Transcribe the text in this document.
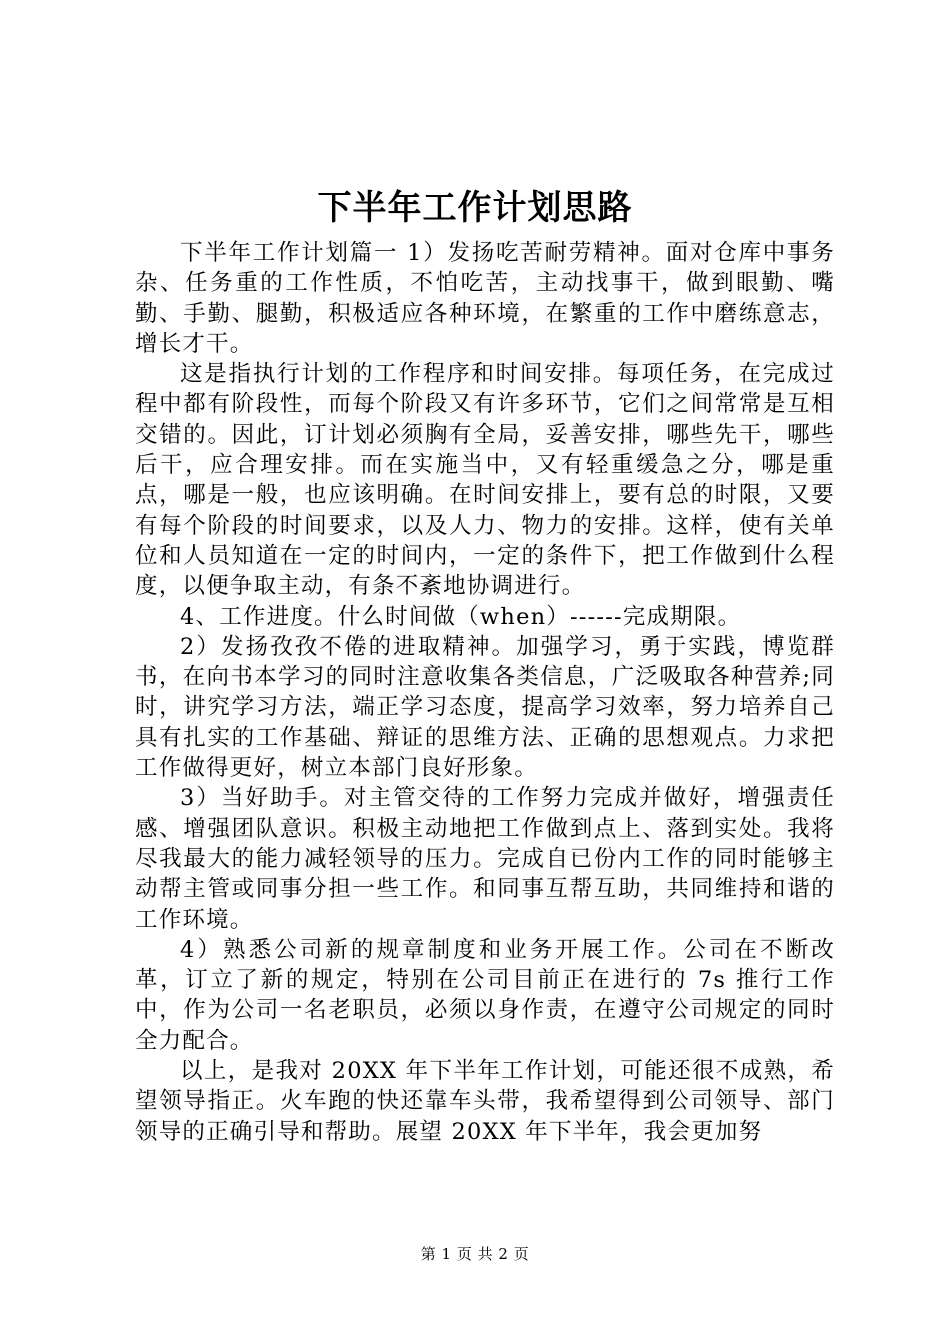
下半年工作计划思路

下半年工作计划篇一 1）发扬吃苦耐劳精神。面对仓库中事务杂、任务重的工作性质，不怕吃苦，主动找事干，做到眼勤、嘴勤、手勤、腿勤，积极适应各种环境，在繁重的工作中磨练意志，增长才干。

这是指执行计划的工作程序和时间安排。每项任务，在完成过程中都有阶段性，而每个阶段又有许多环节，它们之间常常是互相交错的。因此，订计划必须胸有全局，妥善安排，哪些先干，哪些后干，应合理安排。而在实施当中，又有轻重缓急之分，哪是重点，哪是一般，也应该明确。在时间安排上，要有总的时限，又要有每个阶段的时间要求，以及人力、物力的安排。这样，使有关单位和人员知道在一定的时间内，一定的条件下，把工作做到什么程度，以便争取主动，有条不紊地协调进行。

4、工作进度。什么时间做（when）------完成期限。

2）发扬孜孜不倦的进取精神。加强学习，勇于实践，博览群书，在向书本学习的同时注意收集各类信息，广泛吸取各种营养;同时，讲究学习方法，端正学习态度，提高学习效率，努力培养自己具有扎实的工作基础、辩证的思维方法、正确的思想观点。力求把工作做得更好，树立本部门良好形象。

3）当好助手。对主管交待的工作努力完成并做好，增强责任感、增强团队意识。积极主动地把工作做到点上、落到实处。我将尽我最大的能力减轻领导的压力。完成自已份内工作的同时能够主动帮主管或同事分担一些工作。和同事互帮互助，共同维持和谐的工作环境。

4）熟悉公司新的规章制度和业务开展工作。公司在不断改革，订立了新的规定，特别在公司目前正在进行的 7s 推行工作中，作为公司一名老职员，必须以身作责，在遵守公司规定的同时全力配合。

以上，是我对 20XX 年下半年工作计划，可能还很不成熟，希望领导指正。火车跑的快还靠车头带，我希望得到公司领导、部门领导的正确引导和帮助。展望 20XX 年下半年，我会更加努

第 1 页 共 2 页
